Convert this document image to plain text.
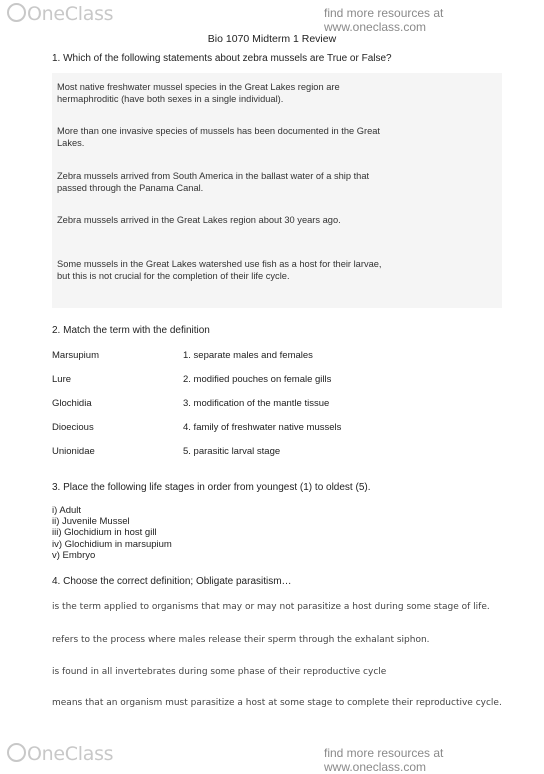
OneClass	find more resources at www.oneclass.com
Bio 1070 Midterm 1 Review
1. Which of the following statements about zebra mussels are True or False?
Most native freshwater mussel species in the Great Lakes region are hermaphroditic (have both sexes in a single individual).
More than one invasive species of mussels has been documented in the Great Lakes.
Zebra mussels arrived from South America in the ballast water of a ship that passed through the Panama Canal.
Zebra mussels arrived in the Great Lakes region about 30 years ago.
Some mussels in the Great Lakes watershed use fish as a host for their larvae, but this is not crucial for the completion of their life cycle.
2. Match the term with the definition
Marsupium	1. separate males and females
Lure	2. modified pouches on female gills
Glochidia	3. modification of the mantle tissue
Dioecious	4. family of freshwater native mussels
Unionidae	5. parasitic larval stage
3. Place the following life stages in order from youngest (1) to oldest (5).
i) Adult
ii) Juvenile Mussel
iii) Glochidium in host gill
iv) Glochidium in marsupium
v) Embryo
4. Choose the correct definition; Obligate parasitism…
is the term applied to organisms that may or may not parasitize a host during some stage of life.
refers to the process where males release their sperm through the exhalant siphon.
is found in all invertebrates during some phase of their reproductive cycle
means that an organism must parasitize a host at some stage to complete their reproductive cycle.
OneClass	find more resources at www.oneclass.com
